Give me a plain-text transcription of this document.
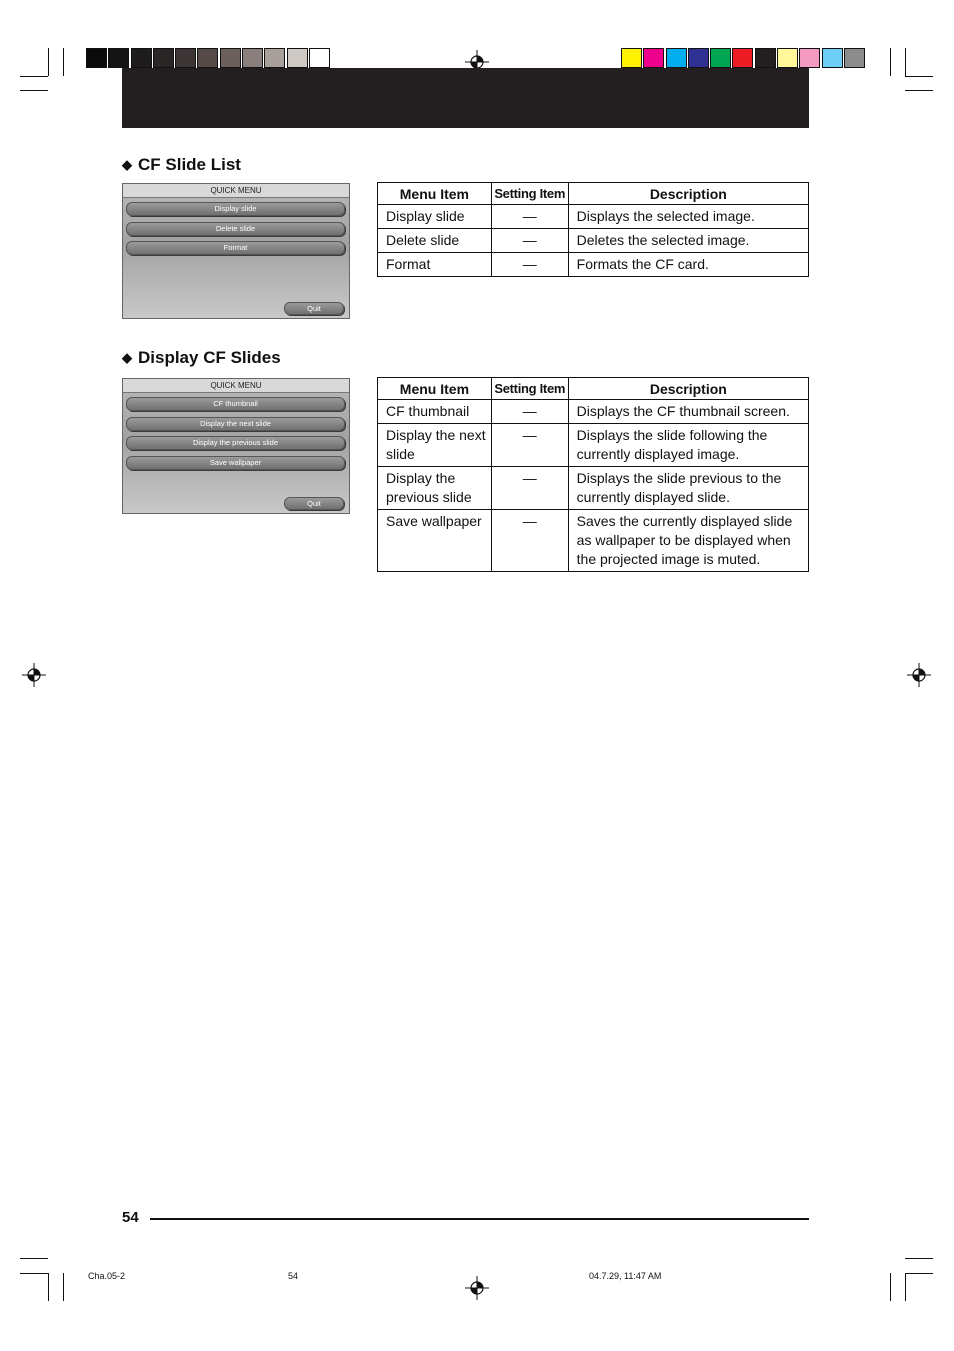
◆ CF Slide List
QUICK MENU
Display slide
Delete slide
Format
Quit
Menu Item	Setting Item	Description
Display slide	—	Displays the selected image.
Delete slide	—	Deletes the selected image.
Format	—	Formats the CF card.
◆ Display CF Slides
QUICK MENU
CF thumbnail
Display the next slide
Display the previous slide
Save wallpaper
Quit
Menu Item	Setting Item	Description
CF thumbnail	—	Displays the CF thumbnail screen.
Display the next slide	—	Displays the slide following the currently displayed image.
Display the previous slide	—	Displays the slide previous to the currently displayed slide.
Save wallpaper	—	Saves the currently displayed slide as wallpaper to be displayed when the projected image is muted.
54
Cha.05-2	54	04.7.29, 11:47 AM
